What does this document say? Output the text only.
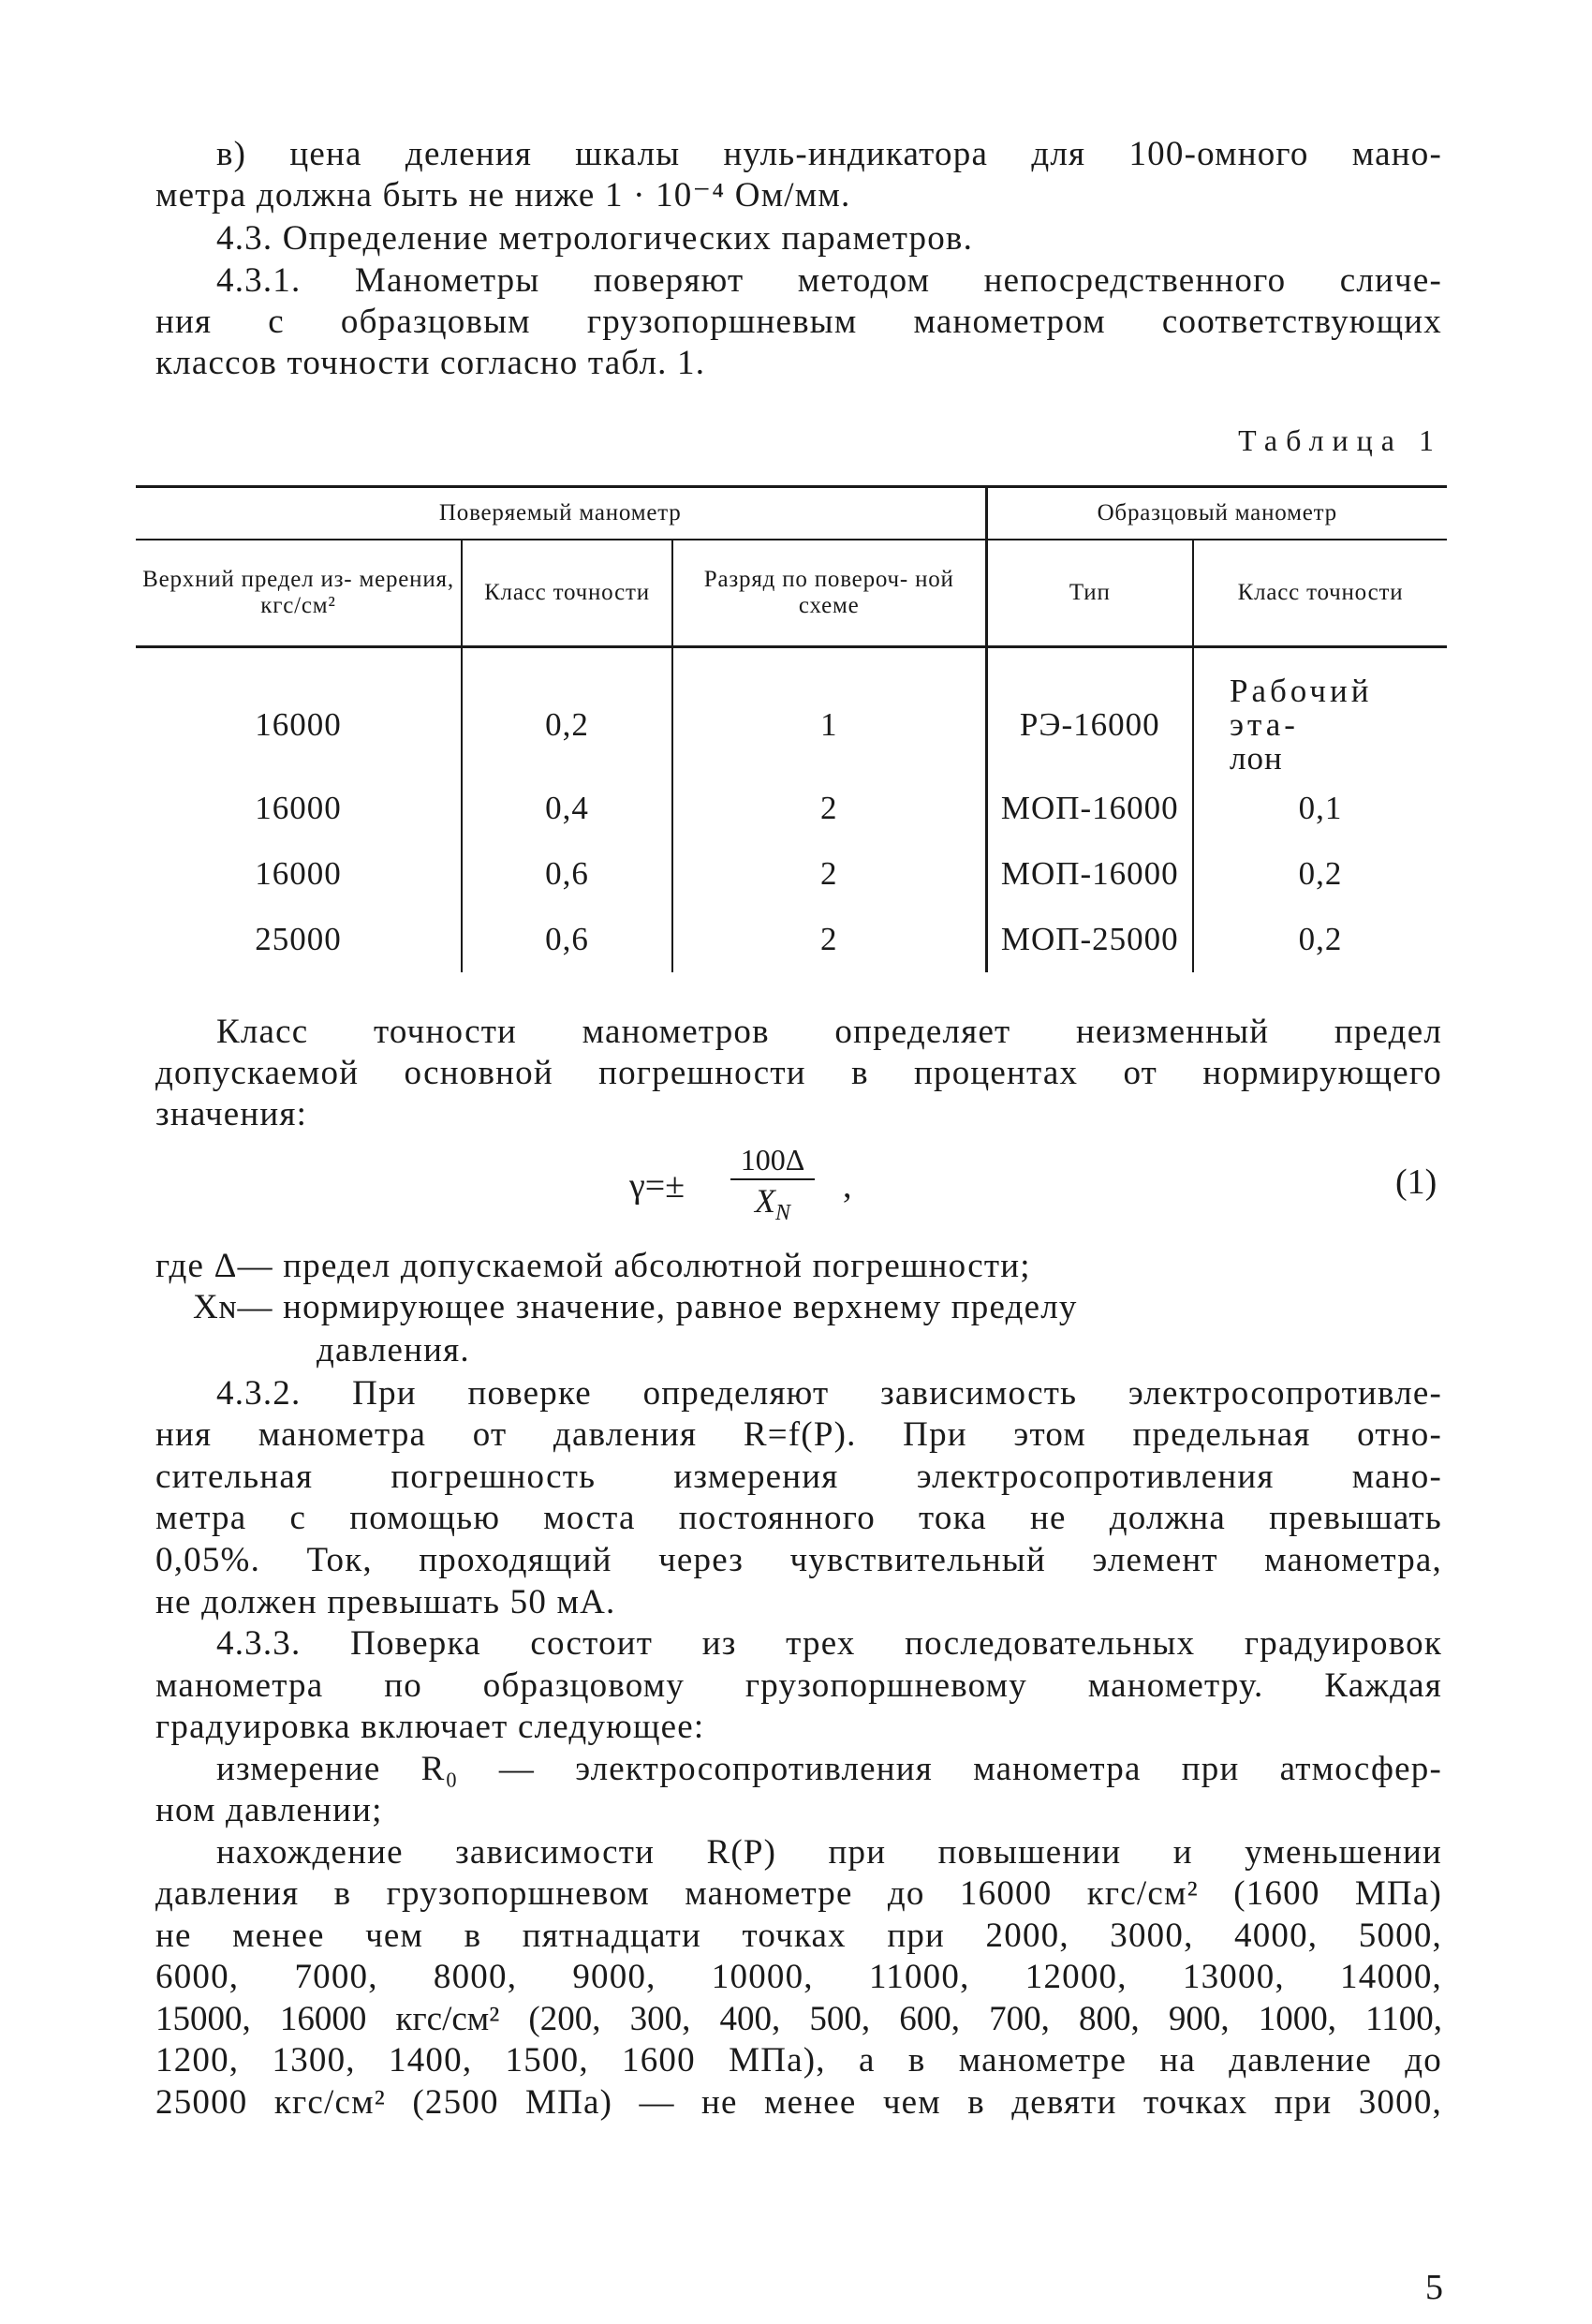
в) цена деления шкалы нуль-индикатора для 100-омного мано-
метра должна быть не ниже 1 · 10⁻⁴ Ом/мм.
4.3. Определение метрологических параметров.
4.3.1. Манометры поверяют методом непосредственного сличе-
ния с образцовым грузопоршневым манометром соответствующих
классов точности согласно табл. 1.
Таблица 1
Поверяемый манометр			Образцовый манометр	
Верхний предел из- мерения, кгс/см²	Класс точности	Разряд по повероч- ной схеме	Тип	Класс точности
16000	0,2	1	РЭ-16000	Рабочий эта-
лон
16000	0,4	2	МОП-16000	0,1
16000	0,6	2	МОП-16000	0,2
25000	0,6	2	МОП-25000	0,2
Класс точности манометров определяет неизменный предел
допускаемой основной погрешности в процентах от нормирующего
значения:
$\gamma=\pm \frac{100\Delta}{X_N}$ ,	(1)
где Δ— предел допускаемой абсолютной погрешности;
Xɴ— нормирующее значение, равное верхнему пределу
давления.
4.3.2. При поверке определяют зависимость электросопротивле-
ния манометра от давления R=f(P). При этом предельная отно-
сительная погрешность измерения электросопротивления мано-
метра с помощью моста постоянного тока не должна превышать
0,05%. Ток, проходящий через чувствительный элемент манометра,
не должен превышать 50 мА.
4.3.3. Поверка состоит из трех последовательных градуировок
манометра по образцовому грузопоршневому манометру. Каждая
градуировка включает следующее:
измерение R₀ — электросопротивления манометра при атмосфер-
ном давлении;
нахождение зависимости R(P) при повышении и уменьшении
давления в грузопоршневом манометре до 16000 кгс/см² (1600 МПа)
не менее чем в пятнадцати точках при 2000, 3000, 4000, 5000,
6000, 7000, 8000, 9000, 10000, 11000, 12000, 13000, 14000,
15000, 16000 кгс/см² (200, 300, 400, 500, 600, 700, 800, 900, 1000, 1100,
1200, 1300, 1400, 1500, 1600 МПа), а в манометре на давление до
25000 кгс/см² (2500 МПа) — не менее чем в девяти точках при 3000,
5
